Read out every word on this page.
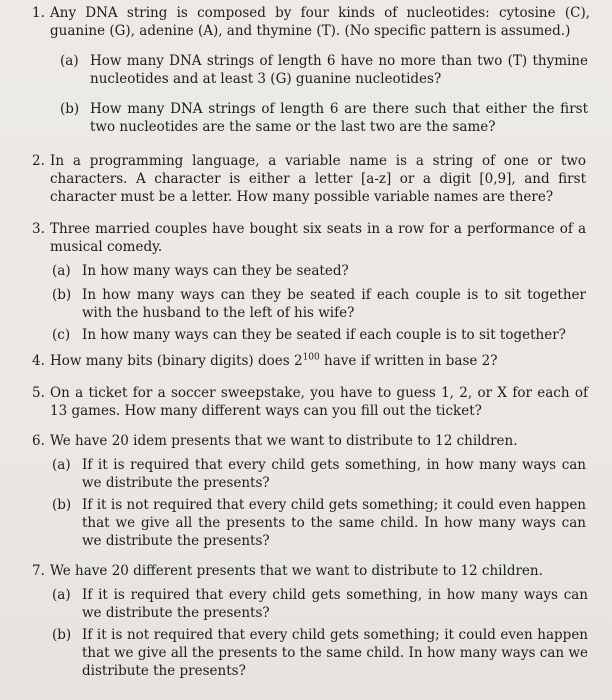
1. Any DNA string is composed by four kinds of nucleotides: cytosine (C), guanine (G), adenine (A), and thymine (T). (No specific pattern is assumed.)
(a) How many DNA strings of length 6 have no more than two (T) thymine nucleotides and at least 3 (G) guanine nucleotides?
(b) How many DNA strings of length 6 are there such that either the first two nucleotides are the same or the last two are the same?
2. In a programming language, a variable name is a string of one or two characters. A character is either a letter [a-z] or a digit [0,9], and first character must be a letter. How many possible variable names are there?
3. Three married couples have bought six seats in a row for a performance of a musical comedy.
(a) In how many ways can they be seated?
(b) In how many ways can they be seated if each couple is to sit together with the husband to the left of his wife?
(c) In how many ways can they be seated if each couple is to sit together?
4. How many bits (binary digits) does $2^{100}$ have if written in base 2?
5. On a ticket for a soccer sweepstake, you have to guess 1, 2, or X for each of 13 games. How many different ways can you fill out the ticket?
6. We have 20 idem presents that we want to distribute to 12 children.
(a) If it is required that every child gets something, in how many ways can we distribute the presents?
(b) If it is not required that every child gets something; it could even happen that we give all the presents to the same child. In how many ways can we distribute the presents?
7. We have 20 different presents that we want to distribute to 12 children.
(a) If it is required that every child gets something, in how many ways can we distribute the presents?
(b) If it is not required that every child gets something; it could even happen that we give all the presents to the same child. In how many ways can we distribute the presents?
